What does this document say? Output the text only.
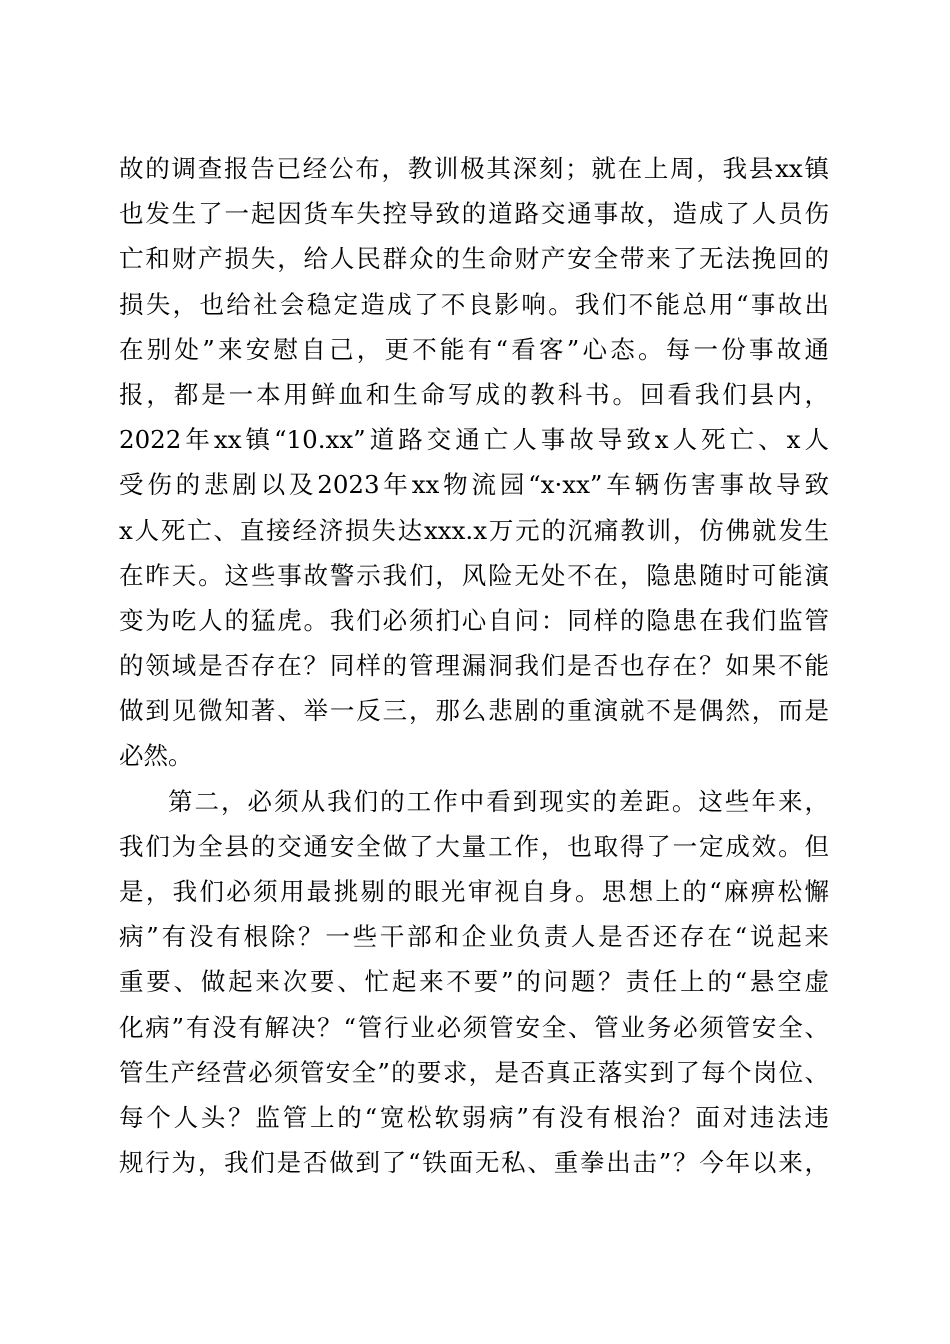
故的调查报告已经公布，教训极其深刻；就在上周，我县xx镇
也发生了一起因货车失控导致的道路交通事故，造成了人员伤
亡和财产损失，给人民群众的生命财产安全带来了无法挽回的
损失，也给社会稳定造成了不良影响。我们不能总用“事故出
在别处”来安慰自己，更不能有“看客”心态。每一份事故通
报，都是一本用鲜血和生命写成的教科书。回看我们县内，
2022年xx镇“10.xx”道路交通亡人事故导致x人死亡、x人
受伤的悲剧以及2023年xx物流园“x·xx”车辆伤害事故导致
x人死亡、直接经济损失达xxx.x万元的沉痛教训，仿佛就发生
在昨天。这些事故警示我们，风险无处不在，隐患随时可能演
变为吃人的猛虎。我们必须扪心自问：同样的隐患在我们监管
的领域是否存在？同样的管理漏洞我们是否也存在？如果不能
做到见微知著、举一反三，那么悲剧的重演就不是偶然，而是
必然。
第二，必须从我们的工作中看到现实的差距。这些年来，
我们为全县的交通安全做了大量工作，也取得了一定成效。但
是，我们必须用最挑剔的眼光审视自身。思想上的“麻痹松懈
病”有没有根除？一些干部和企业负责人是否还存在“说起来
重要、做起来次要、忙起来不要”的问题？责任上的“悬空虚
化病”有没有解决？“管行业必须管安全、管业务必须管安全、
管生产经营必须管安全”的要求，是否真正落实到了每个岗位、
每个人头？监管上的“宽松软弱病”有没有根治？面对违法违
规行为，我们是否做到了“铁面无私、重拳出击”？今年以来，
